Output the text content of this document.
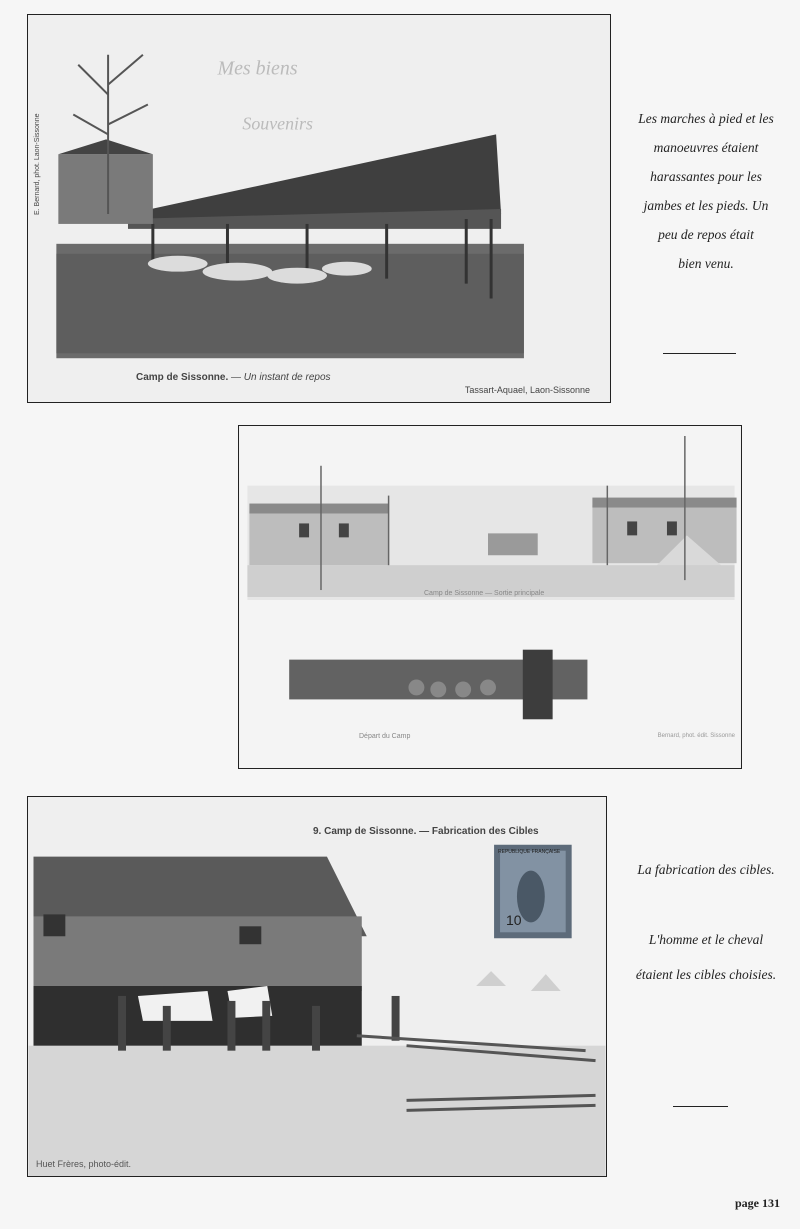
Mes biens
Souvenirs
Camp de Sissonne. — Un instant de repos
Tassart-Aquael, Laon-Sissonne
E. Bernard, phot. Laon-Sissonne	Les marches à pied et les
manoeuvres étaient
harassantes pour les
jambes et les pieds. Un
peu de repos était
bien venu.
Camp de Sissonne — Sortie principale
Départ du Camp	Bernard, phot. édit. Sissonne
9. Camp de Sissonne. — Fabrication des Cibles
REPUBLIQUE FRANÇAISE
10
Huet Frères, photo-édit.
La fabrication des cibles.
L'homme et le cheval
étaient les cibles choisies.
page 131
